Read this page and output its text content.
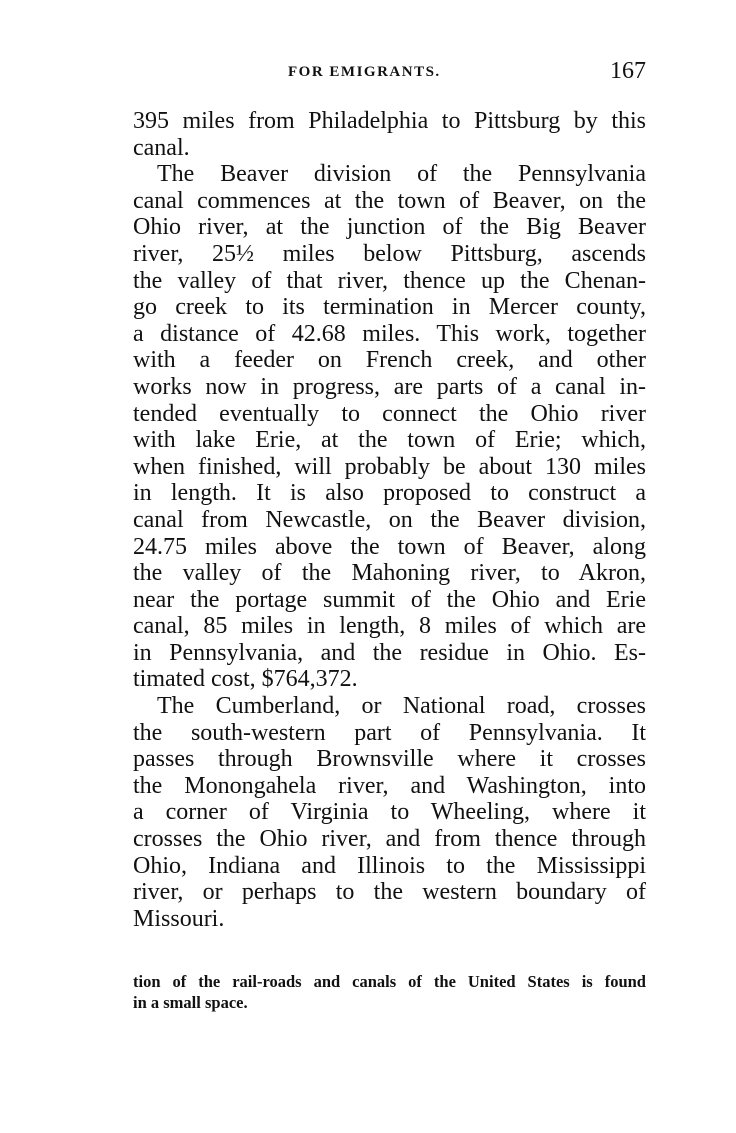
FOR EMIGRANTS.	167
395 miles from Philadelphia to Pittsburg by this
canal.
The Beaver division of the Pennsylvania
canal commences at the town of Beaver, on the
Ohio river, at the junction of the Big Beaver
river, 25½ miles below Pittsburg, ascends
the valley of that river, thence up the Chenan-
go creek to its termination in Mercer county,
a distance of 42.68 miles. This work, together
with a feeder on French creek, and other
works now in progress, are parts of a canal in-
tended eventually to connect the Ohio river
with lake Erie, at the town of Erie; which,
when finished, will probably be about 130 miles
in length. It is also proposed to construct a
canal from Newcastle, on the Beaver division,
24.75 miles above the town of Beaver, along
the valley of the Mahoning river, to Akron,
near the portage summit of the Ohio and Erie
canal, 85 miles in length, 8 miles of which are
in Pennsylvania, and the residue in Ohio. Es-
timated cost, $764,372.
The Cumberland, or National road, crosses
the south-western part of Pennsylvania. It
passes through Brownsville where it crosses
the Monongahela river, and Washington, into
a corner of Virginia to Wheeling, where it
crosses the Ohio river, and from thence through
Ohio, Indiana and Illinois to the Mississippi
river, or perhaps to the western boundary of
Missouri.
tion of the rail-roads and canals of the United States is found
in a small space.
